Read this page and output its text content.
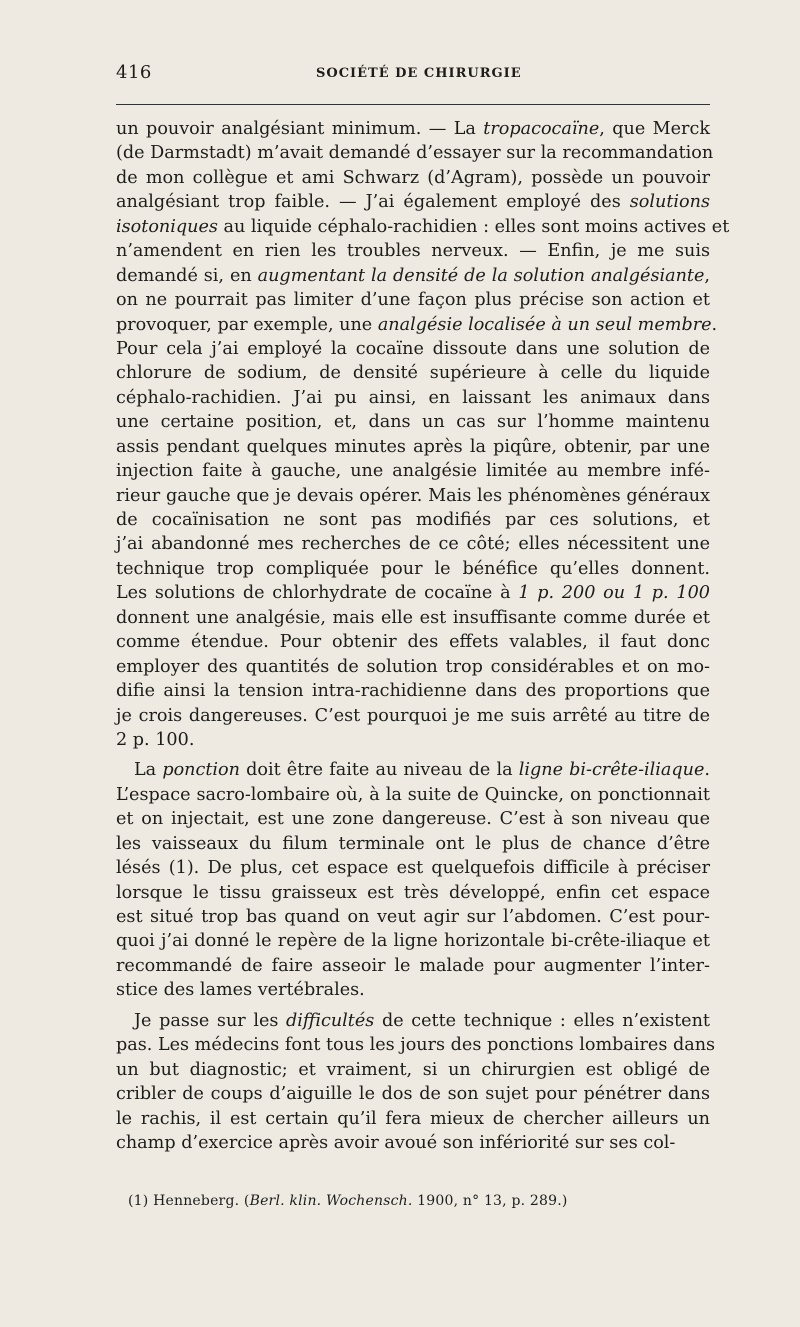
416	SOCIÉTÉ DE CHIRURGIE
un pouvoir analgésiant minimum. — La tropacocaïne, que Merck
(de Darmstadt) m’avait demandé d’essayer sur la recommandation
de mon collègue et ami Schwarz (d’Agram), possède un pouvoir
analgésiant trop faible. — J’ai également employé des solutions
isotoniques au liquide céphalo-rachidien : elles sont moins actives et
n’amendent en rien les troubles nerveux. — Enfin, je me suis
demandé si, en augmentant la densité de la solution analgésiante,
on ne pourrait pas limiter d’une façon plus précise son action et
provoquer, par exemple, une analgésie localisée à un seul membre.
Pour cela j’ai employé la cocaïne dissoute dans une solution de
chlorure de sodium, de densité supérieure à celle du liquide
céphalo-rachidien. J’ai pu ainsi, en laissant les animaux dans
une certaine position, et, dans un cas sur l’homme maintenu
assis pendant quelques minutes après la piqûre, obtenir, par une
injection faite à gauche, une analgésie limitée au membre infé-
rieur gauche que je devais opérer. Mais les phénomènes généraux
de cocaïnisation ne sont pas modifiés par ces solutions, et
j’ai abandonné mes recherches de ce côté; elles nécessitent une
technique trop compliquée pour le bénéfice qu’elles donnent.
Les solutions de chlorhydrate de cocaïne à 1 p. 200 ou 1 p. 100
donnent une analgésie, mais elle est insuffisante comme durée et
comme étendue. Pour obtenir des effets valables, il faut donc
employer des quantités de solution trop considérables et on mo-
difie ainsi la tension intra-rachidienne dans des proportions que
je crois dangereuses. C’est pourquoi je me suis arrêté au titre de
2 p. 100.
La ponction doit être faite au niveau de la ligne bi-crête-iliaque.
L’espace sacro-lombaire où, à la suite de Quincke, on ponctionnait
et on injectait, est une zone dangereuse. C’est à son niveau que
les vaisseaux du filum terminale ont le plus de chance d’être
lésés (1). De plus, cet espace est quelquefois difficile à préciser
lorsque le tissu graisseux est très développé, enfin cet espace
est situé trop bas quand on veut agir sur l’abdomen. C’est pour-
quoi j’ai donné le repère de la ligne horizontale bi-crête-iliaque et
recommandé de faire asseoir le malade pour augmenter l’inter-
stice des lames vertébrales.
Je passe sur les difficultés de cette technique : elles n’existent
pas. Les médecins font tous les jours des ponctions lombaires dans
un but diagnostic; et vraiment, si un chirurgien est obligé de
cribler de coups d’aiguille le dos de son sujet pour pénétrer dans
le rachis, il est certain qu’il fera mieux de chercher ailleurs un
champ d’exercice après avoir avoué son infériorité sur ses col-
(1) Henneberg. (Berl. klin. Wochensch. 1900, n° 13, p. 289.)
